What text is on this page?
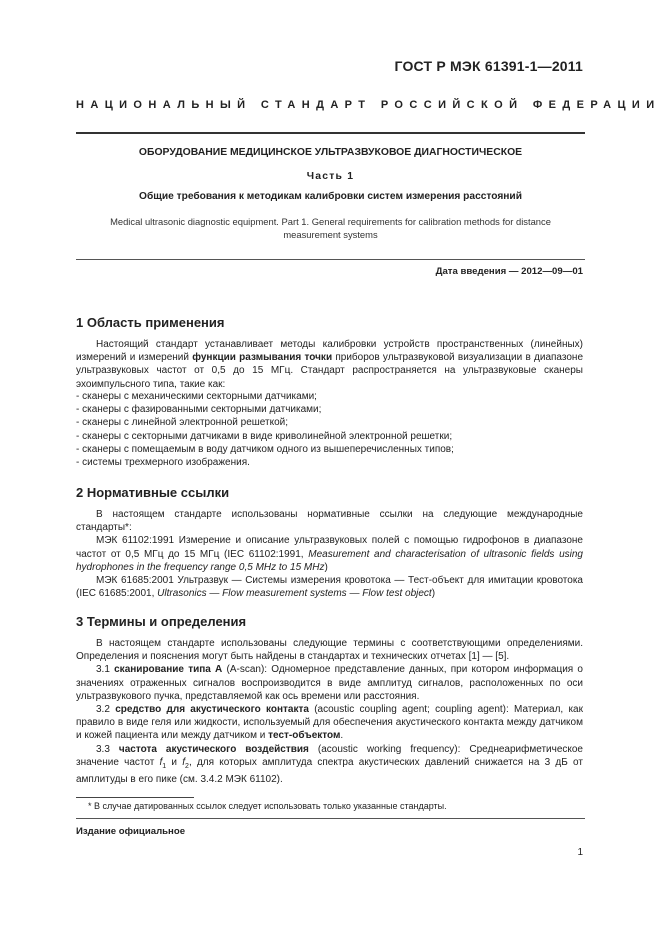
ГОСТ Р МЭК 61391-1—2011
НАЦИОНАЛЬНЫЙ СТАНДАРТ РОССИЙСКОЙ ФЕДЕРАЦИИ
ОБОРУДОВАНИЕ МЕДИЦИНСКОЕ УЛЬТРАЗВУКОВОЕ ДИАГНОСТИЧЕСКОЕ
Часть 1
Общие требования к методикам калибровки систем измерения расстояний
Medical ultrasonic diagnostic equipment. Part 1. General requirements for calibration methods for distance
measurement systems
Дата введения — 2012—09—01
1 Область применения
Настоящий стандарт устанавливает методы калибровки устройств пространственных (линейных) измерений и измерений функции размывания точки приборов ультразвуковой визуализации в диапазоне ультразвуковых частот от 0,5 до 15 МГц. Стандарт распространяется на ультразвуковые сканеры эхоимпульсного типа, такие как:
- сканеры с механическими секторными датчиками;
- сканеры с фазированными секторными датчиками;
- сканеры с линейной электронной решеткой;
- сканеры с секторными датчиками в виде криволинейной электронной решетки;
- сканеры с помещаемым в воду датчиком одного из вышеперечисленных типов;
- системы трехмерного изображения.
2 Нормативные ссылки
В настоящем стандарте использованы нормативные ссылки на следующие международные стандарты*:
МЭК 61102:1991 Измерение и описание ультразвуковых полей с помощью гидрофонов в диапазоне частот от 0,5 МГц до 15 МГц (IEC 61102:1991, Measurement and characterisation of ultrasonic fields using hydrophones in the frequency range 0,5 MHz to 15 MHz)
МЭК 61685:2001 Ультразвук — Системы измерения кровотока — Тест-объект для имитации кровотока (IEC 61685:2001, Ultrasonics — Flow measurement systems — Flow test object)
3 Термины и определения
В настоящем стандарте использованы следующие термины с соответствующими определениями. Определения и пояснения могут быть найдены в стандартах и технических отчетах [1] — [5].
3.1 сканирование типа А (A-scan): Одномерное представление данных, при котором информация о значениях отраженных сигналов воспроизводится в виде амплитуд сигналов, расположенных по оси ультразвукового пучка, представляемой как ось времени или расстояния.
3.2 средство для акустического контакта (acoustic coupling agent; coupling agent): Материал, как правило в виде геля или жидкости, используемый для обеспечения акустического контакта между датчиком и кожей пациента или между датчиком и тест-объектом.
3.3 частота акустического воздействия (acoustic working frequency): Среднеарифметическое значение частот $f_1$ и $f_2$, для которых амплитуда спектра акустических давлений снижается на 3 дБ от амплитуды в его пике (см. 3.4.2 МЭК 61102).
* В случае датированных ссылок следует использовать только указанные стандарты.
Издание официальное
1
